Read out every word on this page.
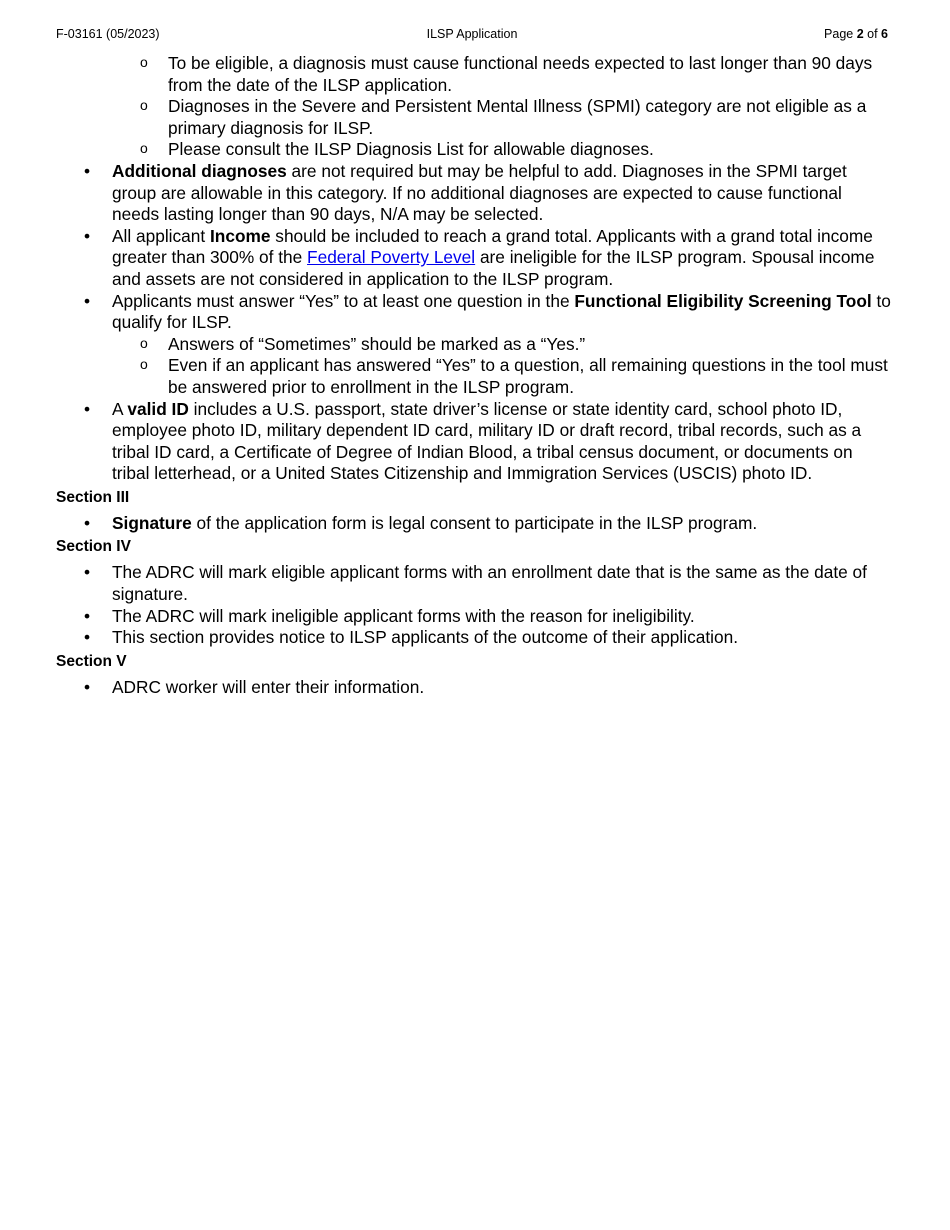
F-03161 (05/2023)	ILSP Application	Page 2 of 6
o To be eligible, a diagnosis must cause functional needs expected to last longer than 90 days from the date of the ILSP application.
o Diagnoses in the Severe and Persistent Mental Illness (SPMI) category are not eligible as a primary diagnosis for ILSP.
o Please consult the ILSP Diagnosis List for allowable diagnoses.
• Additional diagnoses are not required but may be helpful to add. Diagnoses in the SPMI target group are allowable in this category. If no additional diagnoses are expected to cause functional needs lasting longer than 90 days, N/A may be selected.
• All applicant Income should be included to reach a grand total. Applicants with a grand total income greater than 300% of the Federal Poverty Level are ineligible for the ILSP program. Spousal income and assets are not considered in application to the ILSP program.
• Applicants must answer “Yes” to at least one question in the Functional Eligibility Screening Tool to qualify for ILSP.
o Answers of “Sometimes” should be marked as a “Yes.”
o Even if an applicant has answered “Yes” to a question, all remaining questions in the tool must be answered prior to enrollment in the ILSP program.
• A valid ID includes a U.S. passport, state driver’s license or state identity card, school photo ID, employee photo ID, military dependent ID card, military ID or draft record, tribal records, such as a tribal ID card, a Certificate of Degree of Indian Blood, a tribal census document, or documents on tribal letterhead, or a United States Citizenship and Immigration Services (USCIS) photo ID.
Section III
• Signature of the application form is legal consent to participate in the ILSP program.
Section IV
• The ADRC will mark eligible applicant forms with an enrollment date that is the same as the date of signature.
• The ADRC will mark ineligible applicant forms with the reason for ineligibility.
• This section provides notice to ILSP applicants of the outcome of their application.
Section V
• ADRC worker will enter their information.
